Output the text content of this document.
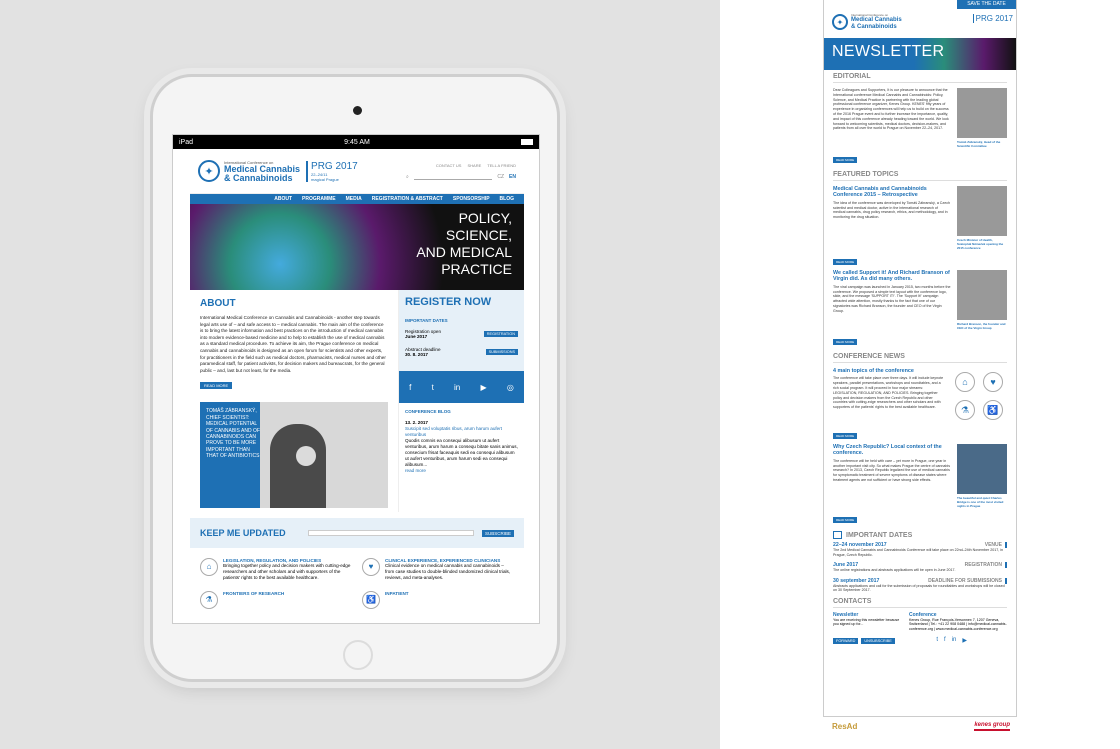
iPad	9:45 AM
✦
International Conference on
Medical Cannabis
& Cannabinoids
PRG 2017
22–24/11
magical Prague
CONTACT US SHARE TELL A FRIEND
⌕	CZ EN
ABOUT PROGRAMME MEDIA REGISTRATION & ABSTRACT SPONSORSHIP BLOG
POLICY,
SCIENCE,
AND MEDICAL
PRACTICE
ABOUT
International Medical Conference on Cannabis and Cannabinoids - another step towards legal arts use of – and safe access to – medical cannabis. The main aim of the conference is to bring the latest information and best practices on the introduction of medical cannabis into modern evidence-based medicine and to help to establish the use of medical cannabis as a standard medical procedure. To achieve its aim, the Prague conference on medical cannabis and cannabinoids is designed as an open forum for scientists and other experts, for practitioners in the field such as medical doctors, pharmacists, medical nurses and other paramedical staff, for patient activists, for decision makers and bureaucrats, for the general public – and, last but not least, for the media.
READ MORE
TOMÁŠ ZÁBRANSKÝ, CHIEF SCIENTIST: MEDICAL POTENTIAL OF CANNABIS AND OF CANNABINOIDS CAN PROVE TO BE MORE IMPORTANT THAN THAT OF ANTIBIOTICS
REGISTER NOW
IMPORTANT DATES
Registration open
June 2017	REGISTRATION
Abstract deadline
30. 8. 2017	SUBMISSIONS
f	t	in	▶	◎
CONFERENCE BLOG
13. 2. 2017
Suscipit sed voluptatis ribus, arum harum aufert venturibus
Quodis comnis ea consequi alibusum ut aufert venturibus, arum harum a consequ bitate sanis animus, consecium frisat faceaquis sedi ea consequi alibusum ut aufert venturibus, arum harum sedi ea consequi alibusum...
read more
KEEP ME UPDATED	SUBSCRIBE
⌂
LEGISLATION, REGULATION, AND POLICIES
Bringing together policy and decision makers with cutting-edge researchers and other scholars and with supporters of the patients' rights to the best available healthcare.
♥
CLINICAL EXPERIENCE, EXPERIENCED CLINICIANS
Clinical evidence on medical cannabis and cannabinoids – from case studies to double-blinded randomized clinical trials, reviews, and meta-analyses.
⚗
FRONTIERS OF RESEARCH
♿
INPATIENT
SAVE THE DATE
✦
International Conference on
Medical Cannabis
& Cannabinoids
PRG 2017
NEWSLETTER
EDITORIAL
Dear Colleagues and Supporters, It is our pleasure to announce that the International conference Medical Cannabis and Cannabinoids: Policy, Science, and Medical Practice is partnering with the leading global professional conference organizer, Kenes Group. KENES' fifty years of experience in organizing conferences will help us to build on the success of the 2016 Prague event and to further increase the importance, quality, and impact of this conference already heading toward the world. We look forward to welcoming scientists, medical doctors, decision-makers, and patients from all over the world to Prague on November 22–24, 2017.
Tomáš Zábranský, Head of the Scientific Committee
READ MORE
FEATURED TOPICS
Medical Cannabis and Cannabinoids Conference 2015 – Retrospective
The idea of the conference was developed by Tomáš Zábranský, a Czech scientist and medical doctor, active in the international research of medical cannabis, drug policy research, ethics, and methodology, and in monitoring the drug situation.
Czech Minister of Health, Svatopluk Němeček opening the 2015 conference
READ MORE
We called Support it! And Richard Branson of Virgin did. As did many others.
The viral campaign was launched in January 2015, two months before the conference. We proposed a simple text layout with the conference logo, slide, and the message 'SUPPORT IT!'. The 'Support It!' campaign attracted wide attention, mostly thanks to the fact that one of our signatories was Richard Branson, the founder and CEO of the Virgin Group.
Richard Branson, the founder and CEO of the Virgin Group
READ MORE
CONFERENCE NEWS
4 main topics of the conference
The conference will take place over three days. It will include keynote speakers, parallel presentations, workshops and roundtables, and a rich social program. It will proceed in four major streams: LEGISLATION, REGULATION, AND POLICIES. Bringing together policy and decision makers from the Czech Republic and other countries with cutting-edge researchers and other scholars and with supporters of the patients' rights to the best available healthcare.
⌂	♥
⚗	♿
READ MORE
Why Czech Republic? Local context of the conference.
The conference will be held with care – yet more in Prague, one year in another important visit city. So what makes Prague the centre of cannabis research? In 2013, Czech Republic legalized the use of medical cannabis for symptomatic treatment of severe symptoms of disease states where treatment agents are not sufficient or have strong side effects.
The beautiful and quiet Charles Bridge is one of the most visited sights in Prague
READ MORE
IMPORTANT DATES
22–24 november 2017	VENUE
The 2nd Medical Cannabis and Cannabinoids Conference will take place on 22nd–24th November 2017, in Prague, Czech Republic.
June 2017	REGISTRATION
The online registrations and abstracts applications will be open in June 2017.
30 september 2017	DEADLINE FOR SUBMISSIONS
Abstracts applications and call for the submission of proposals for roundtables and workshops will be closed on 30 September 2017.
CONTACTS
Newsletter
You are receiving this newsletter because you signed up for...
Conference
Kenes Group, Rue François-Versonnex 7, 1207 Geneva, Switzerland | Tel.: +41 22 908 0488 | info@medical-cannabis-conference.org | www.medical-cannabis-conference.org
FORWARD	UNSUBSCRIBE	t f in ▶
ResAd	kenes group
